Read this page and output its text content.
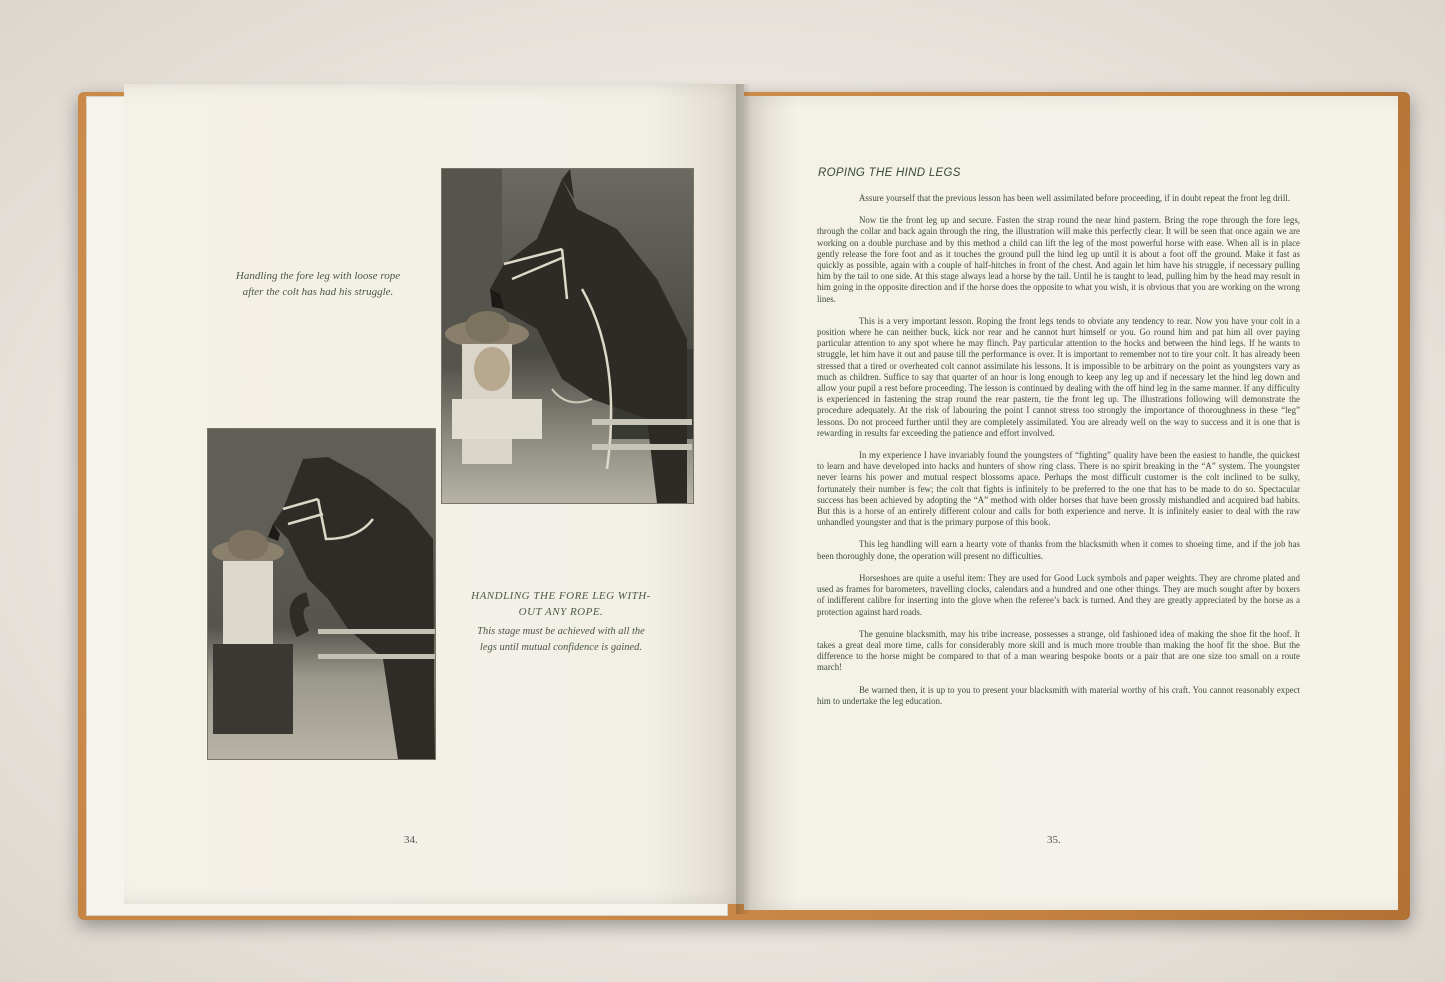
Handling the fore leg with loose rope
after the colt has had his struggle.
HANDLING THE FORE LEG WITH-
OUT ANY ROPE.
This stage must be achieved with all the
legs until mutual confidence is gained.
34.
ROPING THE HIND LEGS

Assure yourself that the previous lesson has been well assimilated before proceeding, if in doubt repeat the front leg drill.

Now tie the front leg up and secure. Fasten the strap round the near hind pastern. Bring the rope through the fore legs, through the collar and back again through the ring, the illustration will make this perfectly clear. It will be seen that once again we are working on a double purchase and by this method a child can lift the leg of the most powerful horse with ease. When all is in place gently release the fore foot and as it touches the ground pull the hind leg up until it is about a foot off the ground. Make it fast as quickly as possible, again with a couple of half-hitches in front of the chest. And again let him have his struggle, if necessary pulling him by the tail to one side. At this stage always lead a horse by the tail. Until he is taught to lead, pulling him by the head may result in him going in the opposite direction and if the horse does the opposite to what you wish, it is obvious that you are working on the wrong lines.

This is a very important lesson. Roping the front legs tends to obviate any tendency to rear. Now you have your colt in a position where he can neither buck, kick nor rear and he cannot hurt himself or you. Go round him and pat him all over paying particular attention to any spot where he may flinch. Pay particular attention to the hocks and between the hind legs. If he wants to struggle, let him have it out and pause till the performance is over. It is important to remember not to tire your colt. It has already been stressed that a tired or overheated colt cannot assimilate his lessons. It is impossible to be arbitrary on the point as youngsters vary as much as children. Suffice to say that quarter of an hour is long enough to keep any leg up and if necessary let the hind leg down and allow your pupil a rest before proceeding. The lesson is continued by dealing with the off hind leg in the same manner. If any difficulty is experienced in fastening the strap round the rear pastern, tie the front leg up. The illustrations following will demonstrate the procedure adequately. At the risk of labouring the point I cannot stress too strongly the importance of thoroughness in these “leg” lessons. Do not proceed further until they are completely assimilated. You are already well on the way to success and it is one that is rewarding in results far exceeding the patience and effort involved.

In my experience I have invariably found the youngsters of “fighting” quality have been the easiest to handle, the quickest to learn and have developed into hacks and hunters of show ring class. There is no spirit breaking in the “A” system. The youngster never learns his power and mutual respect blossoms apace. Perhaps the most difficult customer is the colt inclined to be sulky, fortunately their number is few; the colt that fights is infinitely to be preferred to the one that has to be made to do so. Spectacular success has been achieved by adopting the “A” method with older horses that have been grossly mishandled and acquired bad habits. But this is a horse of an entirely different colour and calls for both experience and nerve. It is infinitely easier to deal with the raw unhandled youngster and that is the primary purpose of this book.

This leg handling will earn a hearty vote of thanks from the blacksmith when it comes to shoeing time, and if the job has been thoroughly done, the operation will present no difficulties.

Horseshoes are quite a useful item: They are used for Good Luck symbols and paper weights. They are chrome plated and used as frames for barometers, travelling clocks, calendars and a hundred and one other things. They are much sought after by boxers of indifferent calibre for inserting into the glove when the referee’s back is turned. And they are greatly appreciated by the horse as a protection against hard roads.

The genuine blacksmith, may his tribe increase, possesses a strange, old fashioned idea of making the shoe fit the hoof. It takes a great deal more time, calls for considerably more skill and is much more trouble than making the hoof fit the shoe. But the difference to the horse might be compared to that of a man wearing bespoke boots or a pair that are one size too small on a route march!

Be warned then, it is up to you to present your blacksmith with material worthy of his craft. You cannot reasonably expect him to undertake the leg education.

35.
